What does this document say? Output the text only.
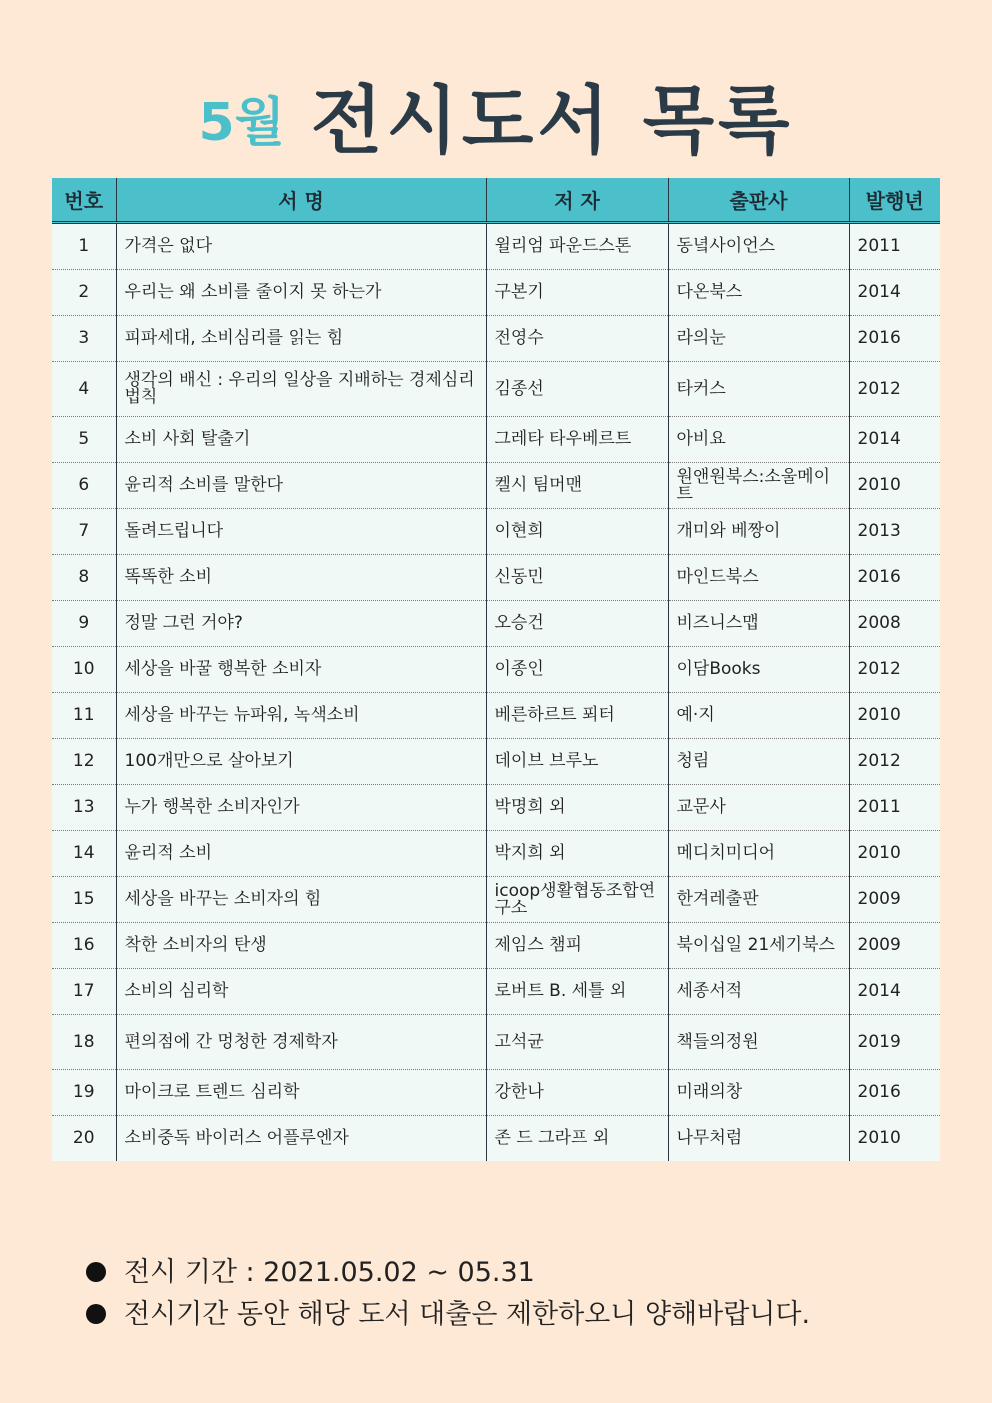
5월 전시도서 목록
번호	서 명	저 자	출판사	발행년
1	가격은 없다	윌리엄 파운드스톤	동녘사이언스	2011
2	우리는 왜 소비를 줄이지 못 하는가	구본기	다온북스	2014
3	피파세대, 소비심리를 읽는 힘	전영수	라의눈	2016
4	생각의 배신 : 우리의 일상을 지배하는 경제심리 법칙	김종선	타커스	2012
5	소비 사회 탈출기	그레타 타우베르트	아비요	2014
6	윤리적 소비를 말한다	켈시 팀머맨	원앤원북스:소울메이트	2010
7	돌려드립니다	이현희	개미와 베짱이	2013
8	똑똑한 소비	신동민	마인드북스	2016
9	정말 그런 거야?	오승건	비즈니스맵	2008
10	세상을 바꿀 행복한 소비자	이종인	이담Books	2012
11	세상을 바꾸는 뉴파워, 녹색소비	베른하르트 푀터	예·지	2010
12	100개만으로 살아보기	데이브 브루노	청림	2012
13	누가 행복한 소비자인가	박명희 외	교문사	2011
14	윤리적 소비	박지희 외	메디치미디어	2010
15	세상을 바꾸는 소비자의 힘	icoop생활협동조합연구소	한겨레출판	2009
16	착한 소비자의 탄생	제임스 챔피	북이십일 21세기북스	2009
17	소비의 심리학	로버트 B. 세틀 외	세종서적	2014
18	편의점에 간 멍청한 경제학자	고석균	책들의정원	2019
19	마이크로 트렌드 심리학	강한나	미래의창	2016
20	소비중독 바이러스 어플루엔자	존 드 그라프 외	나무처럼	2010
전시 기간 : 2021.05.02 ~ 05.31
전시기간 동안 해당 도서 대출은 제한하오니 양해바랍니다.
